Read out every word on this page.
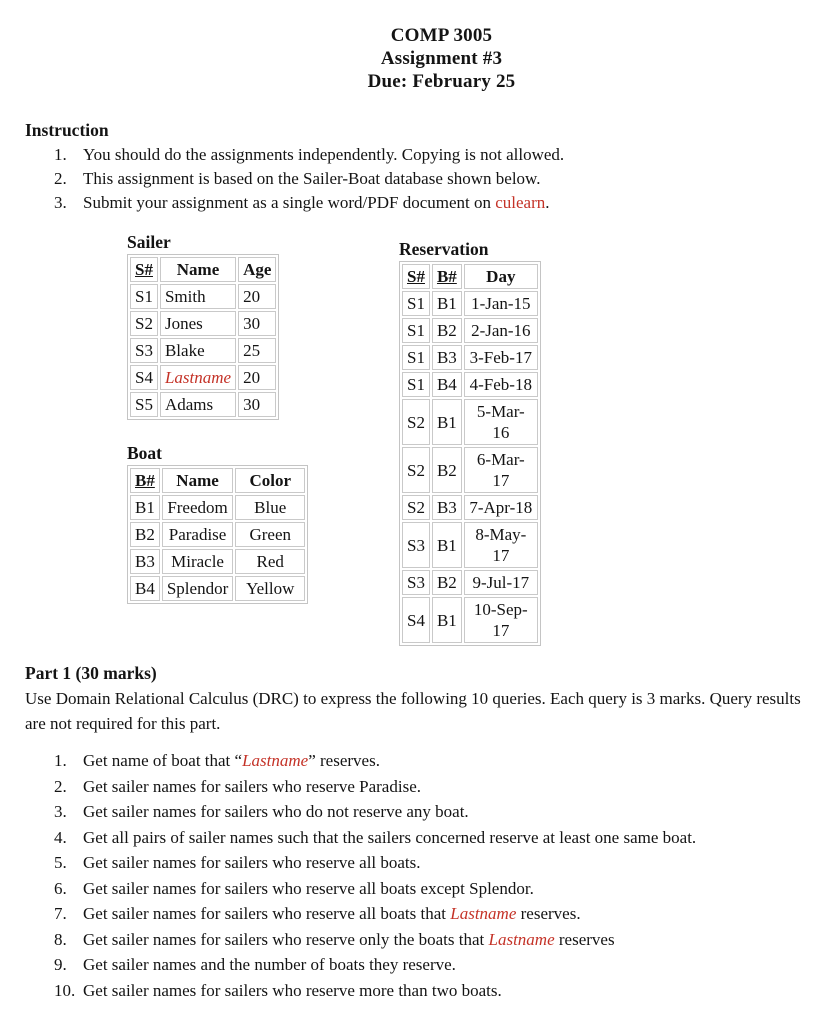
COMP 3005
Assignment #3
Due: February 25
Instruction
1. You should do the assignments independently. Copying is not allowed.
2. This assignment is based on the Sailer-Boat database shown below.
3. Submit your assignment as a single word/PDF document on culearn.
Sailer
S#	Name	Age
S1	Smith	20
S2	Jones	30
S3	Blake	25
S4	Lastname	20
S5	Adams	30
Boat
B#	Name	Color
B1	Freedom	Blue
B2	Paradise	Green
B3	Miracle	Red
B4	Splendor	Yellow
Reservation
S#	B#	Day
S1	B1	1-Jan-15
S1	B2	2-Jan-16
S1	B3	3-Feb-17
S1	B4	4-Feb-18
S2	B1	5-Mar-16
S2	B2	6-Mar-17
S2	B3	7-Apr-18
S3	B1	8-May-17
S3	B2	9-Jul-17
S4	B1	10-Sep-17
Part 1 (30 marks)

Use Domain Relational Calculus (DRC) to express the following 10 queries. Each query is 3 marks. Query results are not required for this part.

1. Get name of boat that “Lastname” reserves.
2. Get sailer names for sailers who reserve Paradise.
3. Get sailer names for sailers who do not reserve any boat.
4. Get all pairs of sailer names such that the sailers concerned reserve at least one same boat.
5. Get sailer names for sailers who reserve all boats.
6. Get sailer names for sailers who reserve all boats except Splendor.
7. Get sailer names for sailers who reserve all boats that Lastname reserves.
8. Get sailer names for sailers who reserve only the boats that Lastname reserves
9. Get sailer names and the number of boats they reserve.
10. Get sailer names for sailers who reserve more than two boats.
